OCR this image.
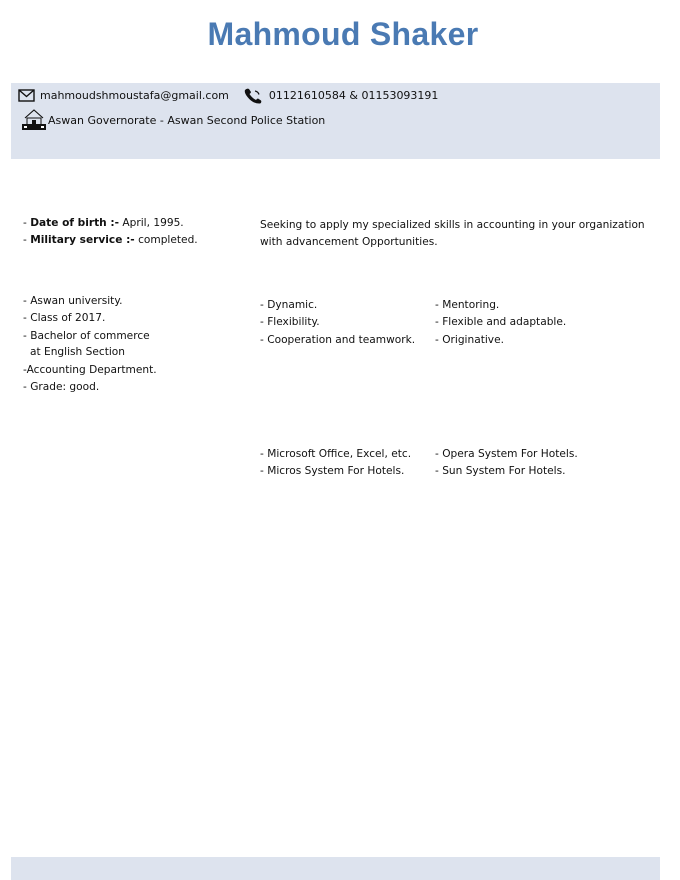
Mahmoud Shaker
mahmoudshmoustafa@gmail.com	01121610584 & 01153093191
Aswan Governorate - Aswan Second Police Station
- Date of birth :- April, 1995.
- Military service :- completed.
Seeking to apply my specialized skills in accounting in your organization
with advancement Opportunities.
- Aswan university.
- Class of 2017.
- Bachelor of commerce
at English Section
-Accounting Department.
- Grade: good.
- Dynamic.
- Flexibility.
- Cooperation and teamwork.
- Mentoring.
- Flexible and adaptable.
- Originative.
- Microsoft Office, Excel, etc.
- Micros System For Hotels.
- Opera System For Hotels.
- Sun System For Hotels.
